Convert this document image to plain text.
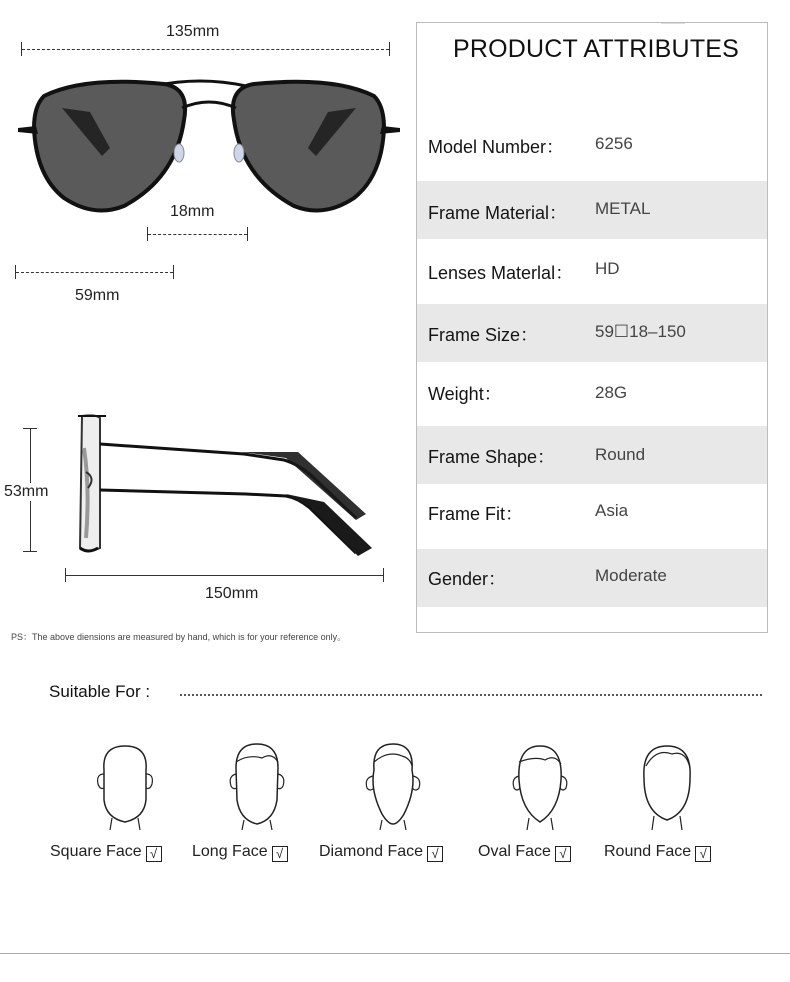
135mm
18mm
59mm
53mm
150mm
PS：The above diensions are measured by hand, which is for your reference only。
PRODUCT ATTRIBUTES
Model Number： 6256
Frame Material： METAL
Lenses Materlal： HD
Frame Size：	59☐18–150
Weight：	28G
Frame Shape： Round
Frame Fit：	Asia
Gender：	Moderate
Suitable For :
Square Face √ Long Face √ Diamond Face √ Oval Face √ Round Face √
